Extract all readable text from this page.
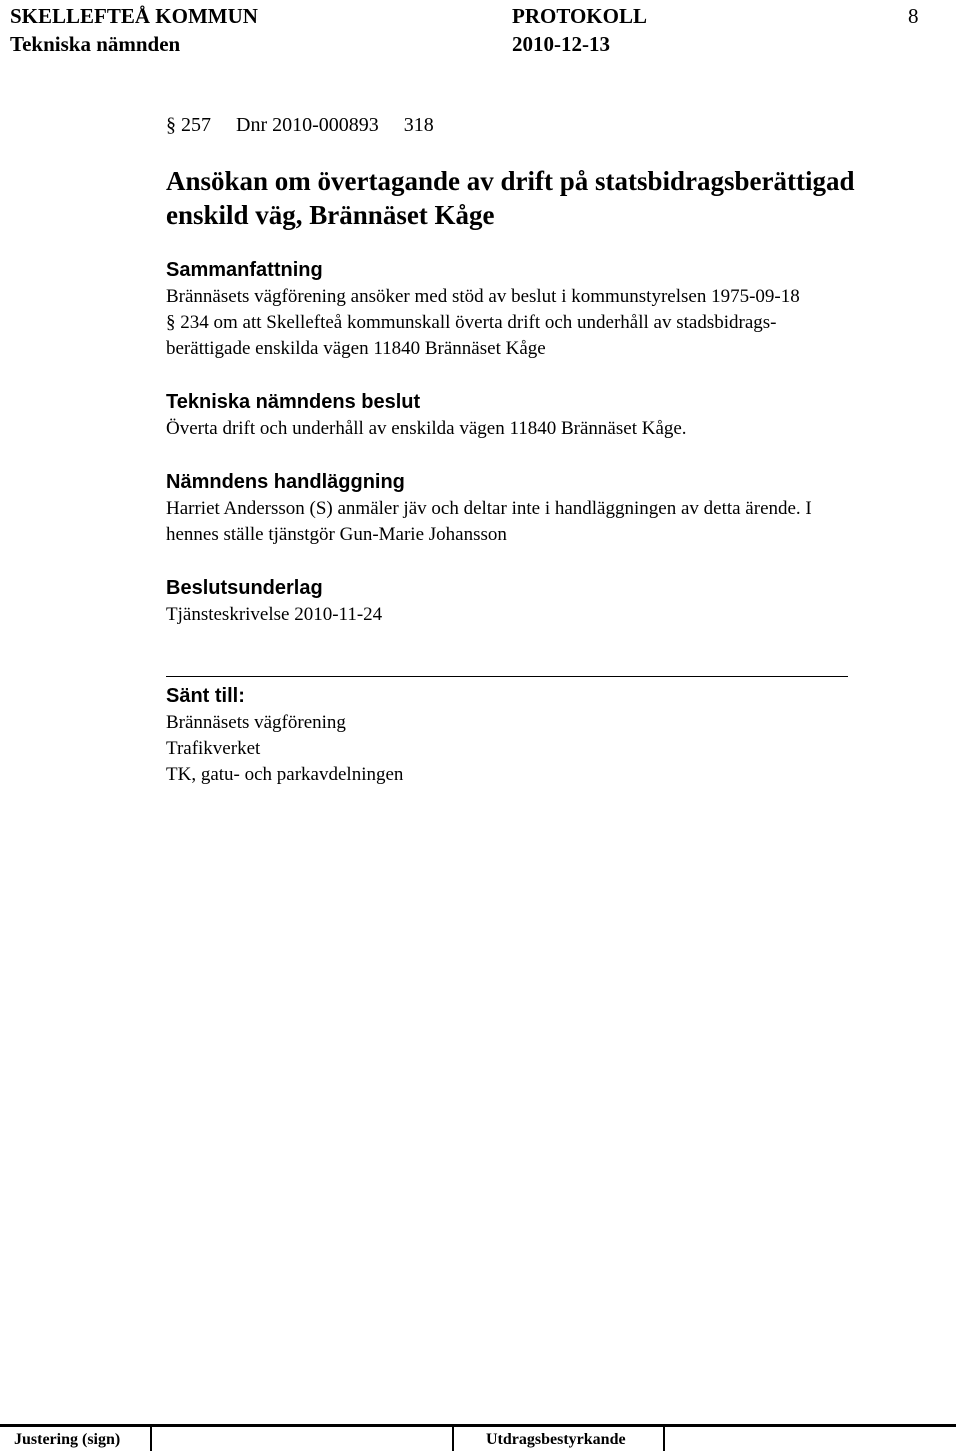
SKELLEFTEÅ KOMMUN
Tekniska nämnden
PROTOKOLL
2010-12-13
8
§ 257     Dnr 2010-000893     318
Ansökan om övertagande av drift på statsbidragsberättigad
enskild väg, Brännäset Kåge
Sammanfattning
Brännäsets vägförening ansöker med stöd av beslut i kommunstyrelsen 1975-09-18
§ 234 om att Skellefteå kommunskall överta drift och underhåll av stadsbidrags-
berättigade enskilda vägen 11840 Brännäset Kåge
Tekniska nämndens beslut
Överta drift och underhåll av enskilda vägen 11840 Brännäset Kåge.
Nämndens handläggning
Harriet Andersson (S) anmäler jäv och deltar inte i handläggningen av detta ärende. I
hennes ställe tjänstgör Gun-Marie Johansson
Beslutsunderlag
Tjänsteskrivelse 2010-11-24
Sänt till:
Brännäsets vägförening
Trafikverket
TK, gatu- och parkavdelningen
Justering (sign)	Utdragsbestyrkande
